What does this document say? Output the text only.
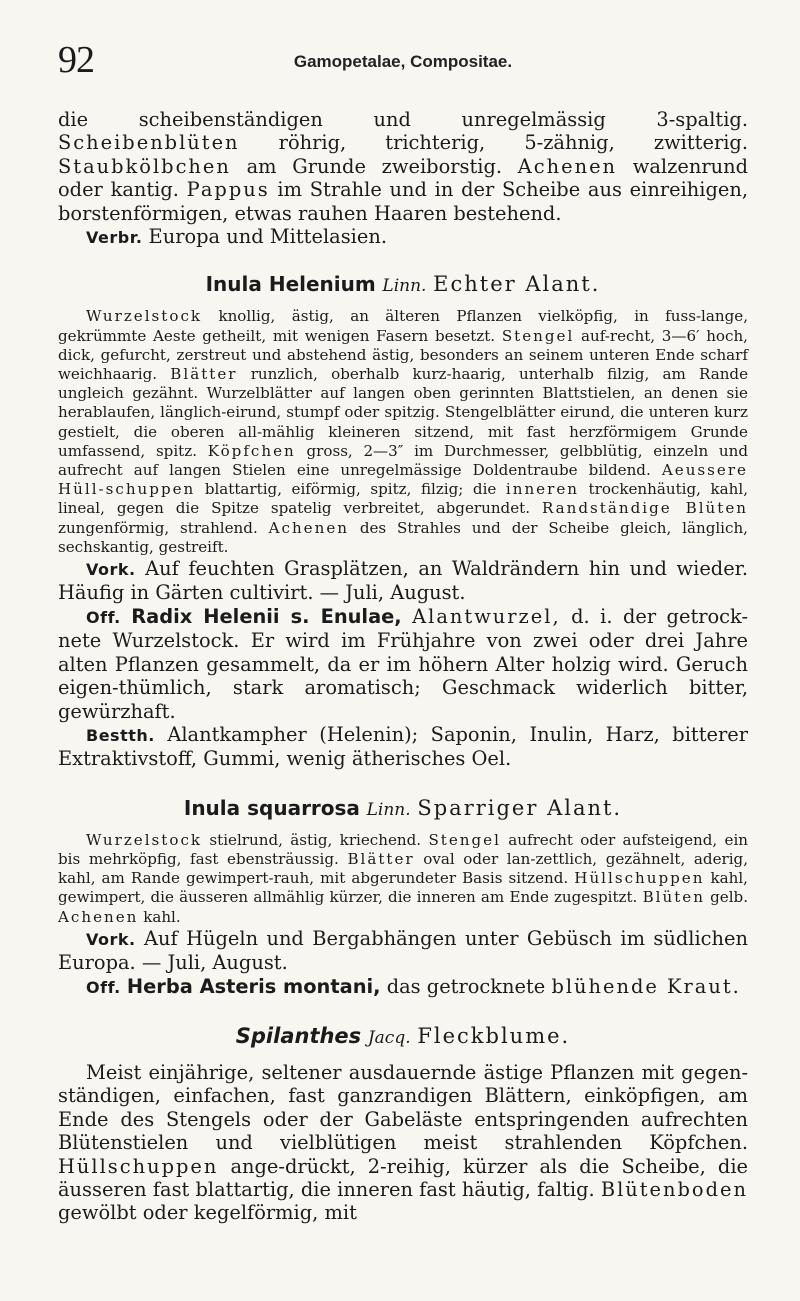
92	Gamopetalae, Compositae.

die scheibenständigen und unregelmässig 3-spaltig. Scheibenblüten röhrig, trichterig, 5-zähnig, zwitterig. Staubkölbchen am Grunde zweiborstig. Achenen walzenrund oder kantig. Pappus im Strahle und in der Scheibe aus einreihigen, borstenförmigen, etwas rauhen Haaren bestehend.

Verbr. Europa und Mittelasien.

Inula Helenium Linn. Echter Alant.

Wurzelstock knollig, ästig, an älteren Pflanzen vielköpfig, in fuss-lange, gekrümmte Aeste getheilt, mit wenigen Fasern besetzt. Stengel auf-recht, 3—6′ hoch, dick, gefurcht, zerstreut und abstehend ästig, besonders an seinem unteren Ende scharf weichhaarig. Blätter runzlich, oberhalb kurz-haarig, unterhalb filzig, am Rande ungleich gezähnt. Wurzelblätter auf langen oben gerinnten Blattstielen, an denen sie herablaufen, länglich-eirund, stumpf oder spitzig. Stengelblätter eirund, die unteren kurz gestielt, die oberen all-mählig kleineren sitzend, mit fast herzförmigem Grunde umfassend, spitz. Köpfchen gross, 2—3″ im Durchmesser, gelbblütig, einzeln und aufrecht auf langen Stielen eine unregelmässige Doldentraube bildend. Aeussere Hüll-schuppen blattartig, eiförmig, spitz, filzig; die inneren trockenhäutig, kahl, lineal, gegen die Spitze spatelig verbreitet, abgerundet. Randständige Blüten zungenförmig, strahlend. Achenen des Strahles und der Scheibe gleich, länglich, sechskantig, gestreift.

Vork. Auf feuchten Grasplätzen, an Waldrändern hin und wieder. Häufig in Gärten cultivirt. — Juli, August.

Off. Radix Helenii s. Enulae, Alantwurzel, d. i. der getrock-nete Wurzelstock. Er wird im Frühjahre von zwei oder drei Jahre alten Pflanzen gesammelt, da er im höhern Alter holzig wird. Geruch eigen-thümlich, stark aromatisch; Geschmack widerlich bitter, gewürzhaft.

Bestth. Alantkampher (Helenin); Saponin, Inulin, Harz, bitterer Extraktivstoff, Gummi, wenig ätherisches Oel.

Inula squarrosa Linn. Sparriger Alant.

Wurzelstock stielrund, ästig, kriechend. Stengel aufrecht oder aufsteigend, ein bis mehrköpfig, fast ebensträussig. Blätter oval oder lan-zettlich, gezähnelt, aderig, kahl, am Rande gewimpert-rauh, mit abgerundeter Basis sitzend. Hüllschuppen kahl, gewimpert, die äusseren allmählig kürzer, die inneren am Ende zugespitzt. Blüten gelb. Achenen kahl.

Vork. Auf Hügeln und Bergabhängen unter Gebüsch im südlichen Europa. — Juli, August.

Off. Herba Asteris montani, das getrocknete blühende Kraut.

Spilanthes Jacq. Fleckblume.

Meist einjährige, seltener ausdauernde ästige Pflanzen mit gegen-ständigen, einfachen, fast ganzrandigen Blättern, einköpfigen, am Ende des Stengels oder der Gabeläste entspringenden aufrechten Blütenstielen und vielblütigen meist strahlenden Köpfchen. Hüllschuppen ange-drückt, 2-reihig, kürzer als die Scheibe, die äusseren fast blattartig, die inneren fast häutig, faltig. Blütenboden gewölbt oder kegelförmig, mit
